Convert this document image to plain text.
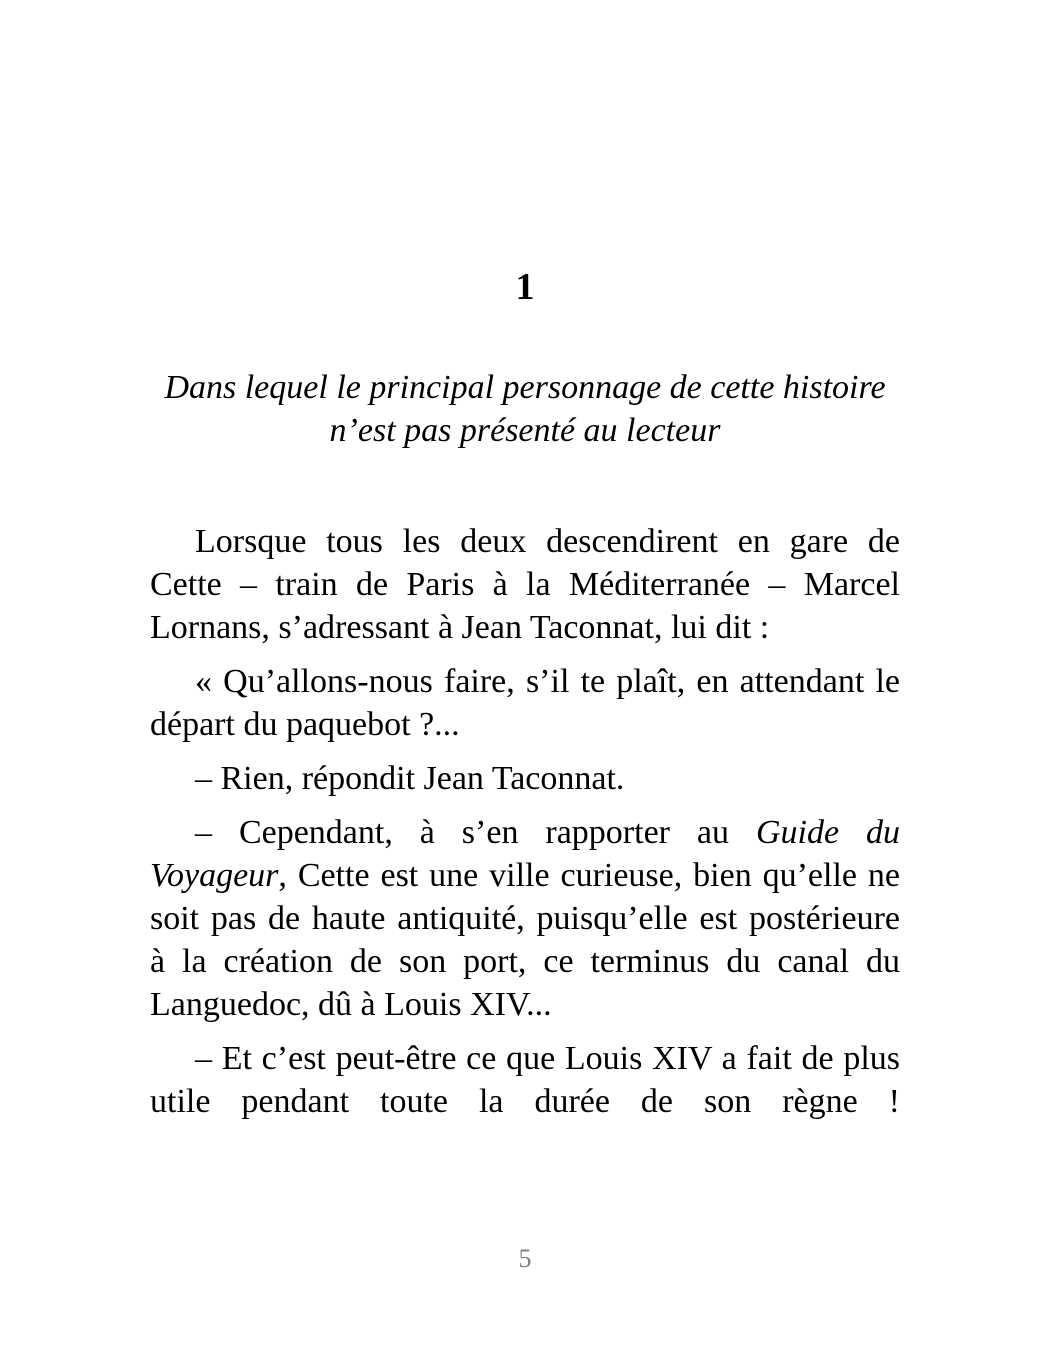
1
Dans lequel le principal personnage de cette histoire n’est pas présenté au lecteur

Lorsque tous les deux descendirent en gare de Cette – train de Paris à la Méditerranée – Marcel Lornans, s’adressant à Jean Taconnat, lui dit :

« Qu’allons-nous faire, s’il te plaît, en attendant le départ du paquebot ?...

– Rien, répondit Jean Taconnat.

– Cependant, à s’en rapporter au Guide du Voyageur, Cette est une ville curieuse, bien qu’elle ne soit pas de haute antiquité, puisqu’elle est postérieure à la création de son port, ce terminus du canal du Languedoc, dû à Louis XIV...

– Et c’est peut-être ce que Louis XIV a fait de plus utile pendant toute la durée de son règne !

5
